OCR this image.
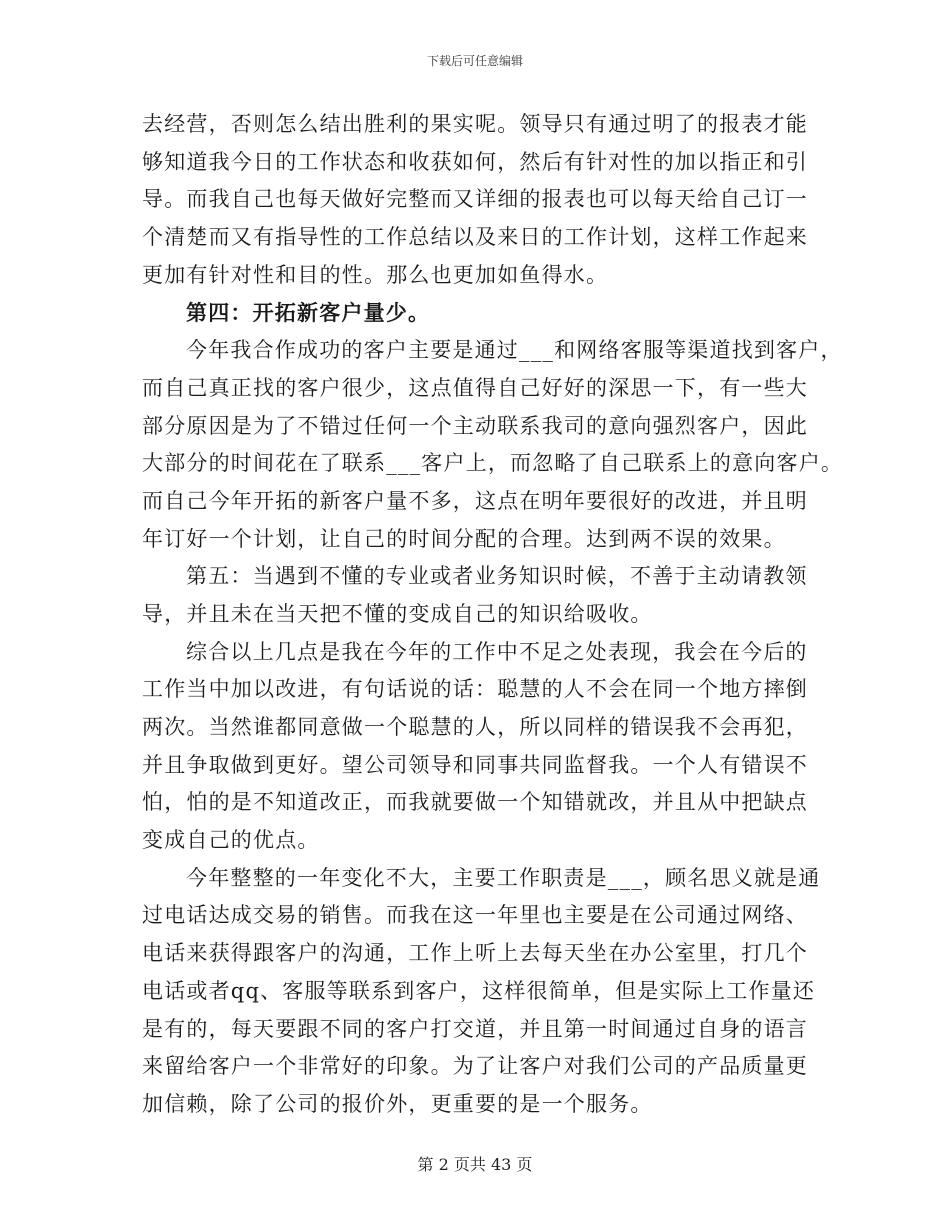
下载后可任意编辑
去经营，否则怎么结出胜利的果实呢。领导只有通过明了的报表才能
够知道我今日的工作状态和收获如何，然后有针对性的加以指正和引
导。而我自己也每天做好完整而又详细的报表也可以每天给自己订一
个清楚而又有指导性的工作总结以及来日的工作计划，这样工作起来
更加有针对性和目的性。那么也更加如鱼得水。
第四：开拓新客户量少。
今年我合作成功的客户主要是通过___和网络客服等渠道找到客户，
而自己真正找的客户很少，这点值得自己好好的深思一下，有一些大
部分原因是为了不错过任何一个主动联系我司的意向强烈客户，因此
大部分的时间花在了联系___客户上，而忽略了自己联系上的意向客户。
而自己今年开拓的新客户量不多，这点在明年要很好的改进，并且明
年订好一个计划，让自己的时间分配的合理。达到两不误的效果。
第五：当遇到不懂的专业或者业务知识时候，不善于主动请教领
导，并且未在当天把不懂的变成自己的知识给吸收。
综合以上几点是我在今年的工作中不足之处表现，我会在今后的
工作当中加以改进，有句话说的话：聪慧的人不会在同一个地方摔倒
两次。当然谁都同意做一个聪慧的人，所以同样的错误我不会再犯，
并且争取做到更好。望公司领导和同事共同监督我。一个人有错误不
怕，怕的是不知道改正，而我就要做一个知错就改，并且从中把缺点
变成自己的优点。
今年整整的一年变化不大，主要工作职责是___，顾名思义就是通
过电话达成交易的销售。而我在这一年里也主要是在公司通过网络、
电话来获得跟客户的沟通，工作上听上去每天坐在办公室里，打几个
电话或者qq、客服等联系到客户，这样很简单，但是实际上工作量还
是有的，每天要跟不同的客户打交道，并且第一时间通过自身的语言
来留给客户一个非常好的印象。为了让客户对我们公司的产品质量更
加信赖，除了公司的报价外，更重要的是一个服务。
第 2 页共 43 页
